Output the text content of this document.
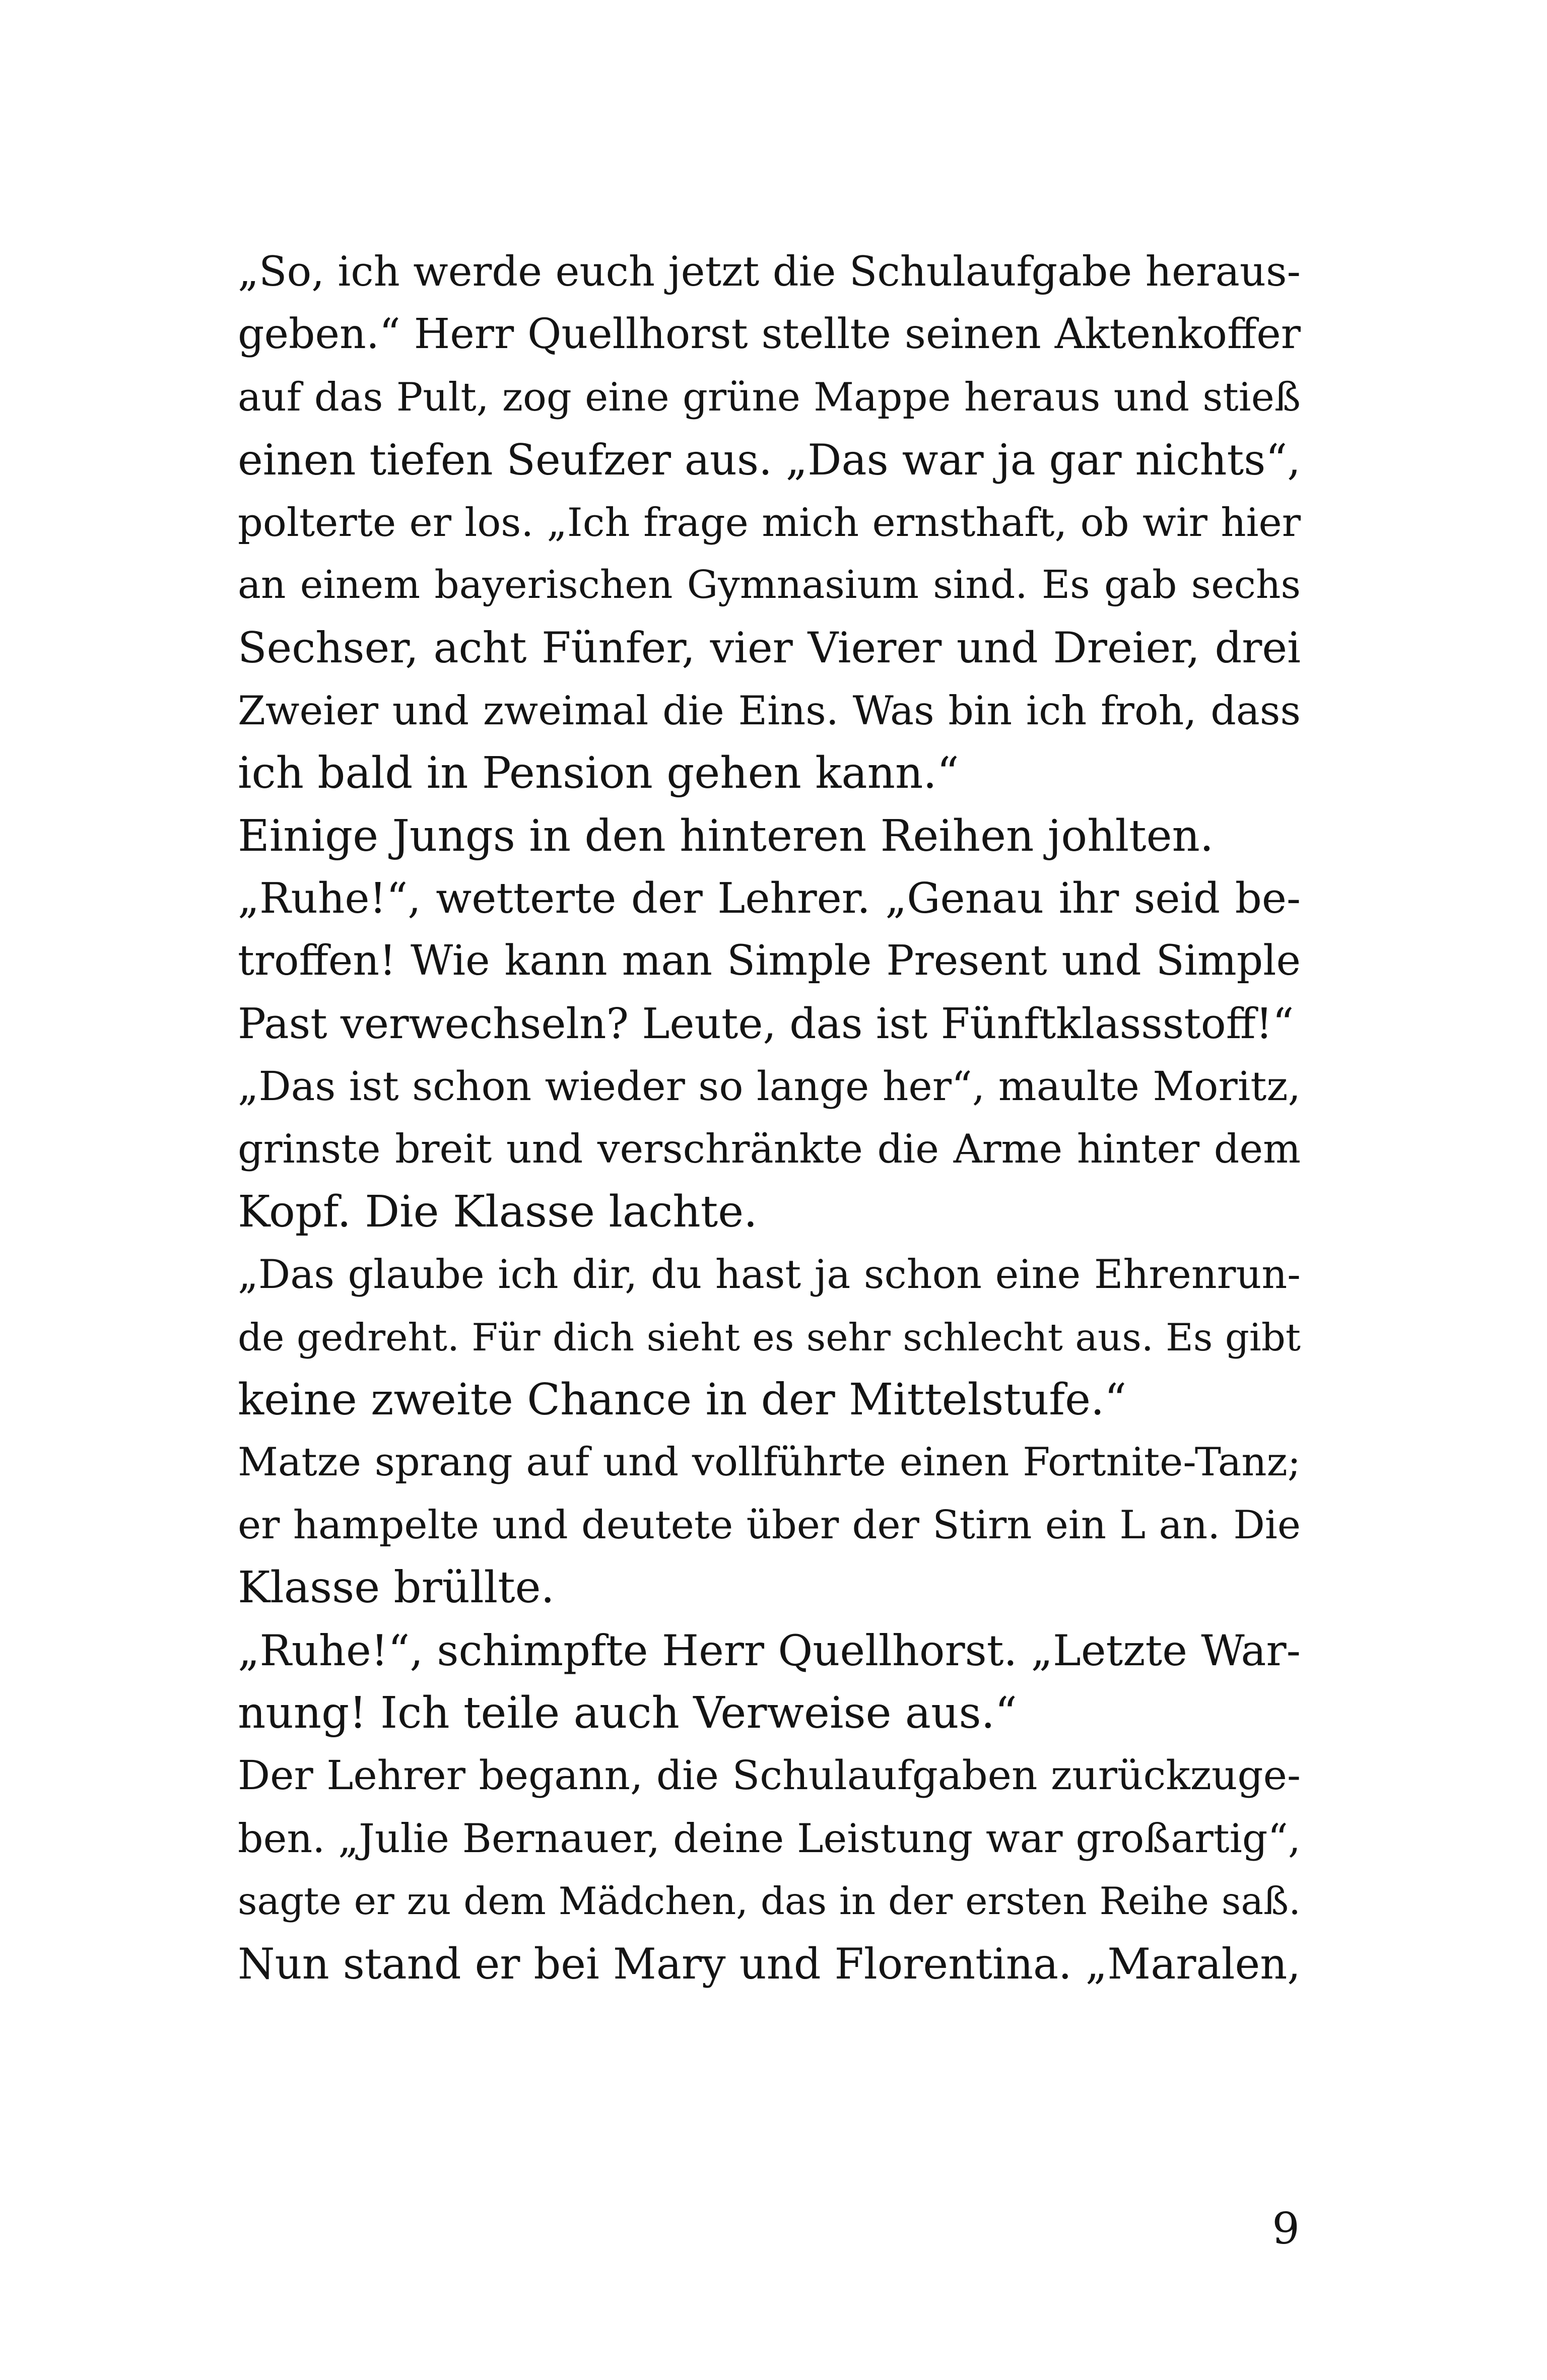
„So, ich werde euch jetzt die Schulaufgabe heraus-
geben.“ Herr Quellhorst stellte seinen Aktenkoffer
auf das Pult, zog eine grüne Mappe heraus und stieß
einen tiefen Seufzer aus. „Das war ja gar nichts“,
polterte er los. „Ich frage mich ernsthaft, ob wir hier
an einem bayerischen Gymnasium sind. Es gab sechs
Sechser, acht Fünfer, vier Vierer und Dreier, drei
Zweier und zweimal die Eins. Was bin ich froh, dass
ich bald in Pension gehen kann.“
Einige Jungs in den hinteren Reihen johlten.
„Ruhe!“, wetterte der Lehrer. „Genau ihr seid be-
troffen! Wie kann man Simple Present und Simple
Past verwechseln? Leute, das ist Fünftklassstoff!“
„Das ist schon wieder so lange her“, maulte Moritz,
grinste breit und verschränkte die Arme hinter dem
Kopf. Die Klasse lachte.
„Das glaube ich dir, du hast ja schon eine Ehrenrun-
de gedreht. Für dich sieht es sehr schlecht aus. Es gibt
keine zweite Chance in der Mittelstufe.“
Matze sprang auf und vollführte einen Fortnite-Tanz;
er hampelte und deutete über der Stirn ein L an. Die
Klasse brüllte.
„Ruhe!“, schimpfte Herr Quellhorst. „Letzte War-
nung! Ich teile auch Verweise aus.“
Der Lehrer begann, die Schulaufgaben zurückzuge-
ben. „Julie Bernauer, deine Leistung war großartig“,
sagte er zu dem Mädchen, das in der ersten Reihe saß.
Nun stand er bei Mary und Florentina. „Maralen,
9
